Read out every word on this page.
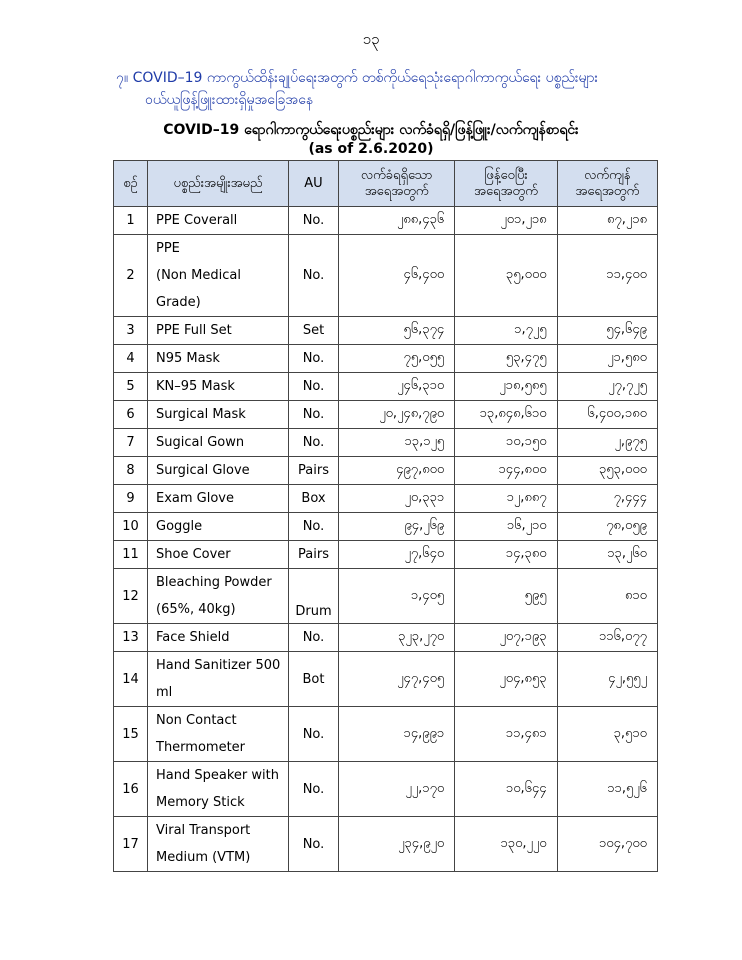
၁၃
၇။ COVID–19 ကာကွယ်ထိန်းချုပ်ရေးအတွက် တစ်ကိုယ်ရေသုံးရောဂါကာကွယ်ရေး ပစ္စည်းများ
ဝယ်ယူဖြန့်ဖြူးထားရှိမှုအခြေအနေ
COVID–19 ရောဂါကာကွယ်ရေးပစ္စည်းများ လက်ခံရရှိ/ဖြန့်ဖြူး/လက်ကျန်စာရင်း
(as of 2.6.2020)
စဉ်	ပစ္စည်းအမျိုးအမည်	AU	လက်ခံရရှိသော အရေအတွက်	ဖြန့်ဝေပြီး အရေအတွက်	လက်ကျန် အရေအတွက်
1	PPE Coverall	No.	၂၈၈,၄၃၆	၂၀၁,၂၁၈	၈၇,၂၁၈
2	PPE
(Non Medical
Grade)	No.	၄၆,၄၀၀	၃၅,၀၀၀	၁၁,၄၀၀
3	PPE Full Set	Set	၅၆,၃၇၄	၁,၇၂၅	၅၄,၆၄၉
4	N95 Mask	No.	၇၅,၀၅၅	၅၃,၄၇၅	၂၁,၅၈၀
5	KN–95 Mask	No.	၂၄၆,၃၁၀	၂၁၈,၅၈၅	၂၇,၇၂၅
6	Surgical Mask	No.	၂၀,၂၄၈,၇၉၀	၁၃,၈၄၈,၆၁၀	၆,၄၀၀,၁၈၀
7	Sugical Gown	No.	၁၃,၁၂၅	၁၀,၁၅၀	၂,၉၇၅
8	Surgical Glove	Pairs	၄၉၇,၈၀၀	၁၄၄,၈၀၀	၃၅၃,၀၀၀
9	Exam Glove	Box	၂၀,၃၃၁	၁၂,၈၈၇	၇,၄၄၄
10	Goggle	No.	၉၄,၂၆၉	၁၆,၂၁၀	၇၈,၀၅၉
11	Shoe Cover	Pairs	၂၇,၆၄၀	၁၄,၃၈၀	၁၃,၂၆၀
12	Bleaching Powder
(65%, 40kg)	Drum	၁,၄၀၅	၅၉၅	၈၁၀
13	Face Shield	No.	၃၂၃,၂၇၀	၂၀၇,၁၉၃	၁၁၆,၀၇၇
14	Hand Sanitizer 500
ml	Bot	၂၄၇,၄၀၅	၂၀၄,၈၅၃	၄၂,၅၅၂
15	Non Contact
Thermometer	No.	၁၄,၉၉၁	၁၁,၄၈၁	၃,၅၁၀
16	Hand Speaker with
Memory Stick	No.	၂၂,၁၇၀	၁၀,၆၄၄	၁၁,၅၂၆
17	Viral Transport
Medium (VTM)	No.	၂၃၄,၉၂၀	၁၃၀,၂၂၀	၁၀၄,၇၀၀
